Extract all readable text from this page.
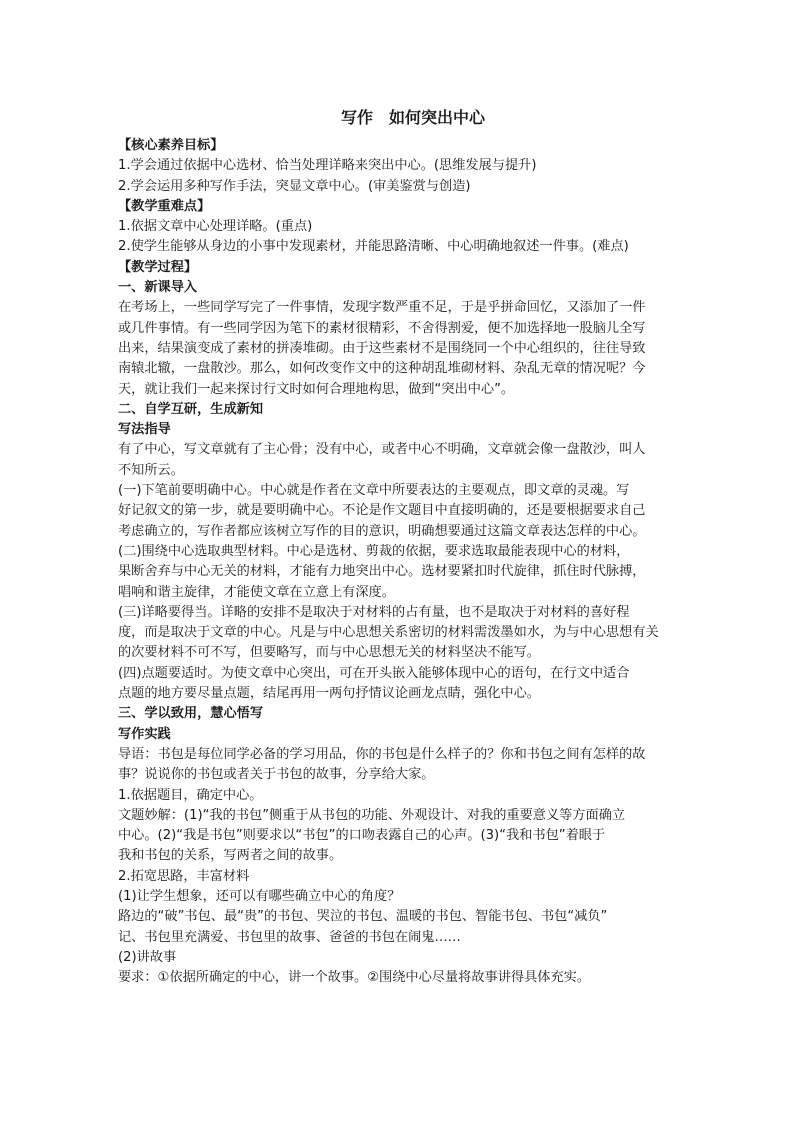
写作　如何突出中心
【核心素养目标】
1.学会通过依据中心选材、恰当处理详略来突出中心。(思维发展与提升)
2.学会运用多种写作手法，突显文章中心。(审美鉴赏与创造)
【教学重难点】
1.依据文章中心处理详略。(重点)
2.使学生能够从身边的小事中发现素材，并能思路清晰、中心明确地叙述一件事。(难点)
【教学过程】
一、新课导入
在考场上，一些同学写完了一件事情，发现字数严重不足，于是乎拼命回忆，又添加了一件
或几件事情。有一些同学因为笔下的素材很精彩，不舍得割爱，便不加选择地一股脑儿全写
出来，结果演变成了素材的拼凑堆砌。由于这些素材不是围绕同一个中心组织的，往往导致
南辕北辙，一盘散沙。那么，如何改变作文中的这种胡乱堆砌材料、杂乱无章的情况呢？今
天，就让我们一起来探讨行文时如何合理地构思，做到“突出中心”。
二、自学互研，生成新知
写法指导
有了中心，写文章就有了主心骨；没有中心，或者中心不明确，文章就会像一盘散沙，叫人
不知所云。
(一)下笔前要明确中心。中心就是作者在文章中所要表达的主要观点，即文章的灵魂。写
好记叙文的第一步，就是要明确中心。不论是作文题目中直接明确的，还是要根据要求自己
考虑确立的，写作者都应该树立写作的目的意识，明确想要通过这篇文章表达怎样的中心。
(二)围绕中心选取典型材料。中心是选材、剪裁的依据，要求选取最能表现中心的材料，
果断舍弃与中心无关的材料，才能有力地突出中心。选材要紧扣时代旋律，抓住时代脉搏，
唱响和谐主旋律，才能使文章在立意上有深度。
(三)详略要得当。详略的安排不是取决于对材料的占有量，也不是取决于对材料的喜好程
度，而是取决于文章的中心。凡是与中心思想关系密切的材料需泼墨如水，为与中心思想有关
的次要材料不可不写，但要略写，而与中心思想无关的材料坚决不能写。
(四)点题要适时。为使文章中心突出，可在开头嵌入能够体现中心的语句，在行文中适合
点题的地方要尽量点题，结尾再用一两句抒情议论画龙点睛，强化中心。
三、学以致用，慧心悟写
写作实践
导语：书包是每位同学必备的学习用品，你的书包是什么样子的？你和书包之间有怎样的故
事？说说你的书包或者关于书包的故事，分享给大家。
1.依据题目，确定中心。
文题妙解：(1)“我的书包”侧重于从书包的功能、外观设计、对我的重要意义等方面确立
中心。(2)“我是书包”则要求以“书包”的口吻表露自己的心声。(3)“我和书包”着眼于
我和书包的关系，写两者之间的故事。
2.拓宽思路，丰富材料
(1)让学生想象，还可以有哪些确立中心的角度？
路边的“破”书包、最“贵”的书包、哭泣的书包、温暖的书包、智能书包、书包“减负”
记、书包里充满爱、书包里的故事、爸爸的书包在闹鬼……
(2)讲故事
要求：①依据所确定的中心，讲一个故事。②围绕中心尽量将故事讲得具体充实。
